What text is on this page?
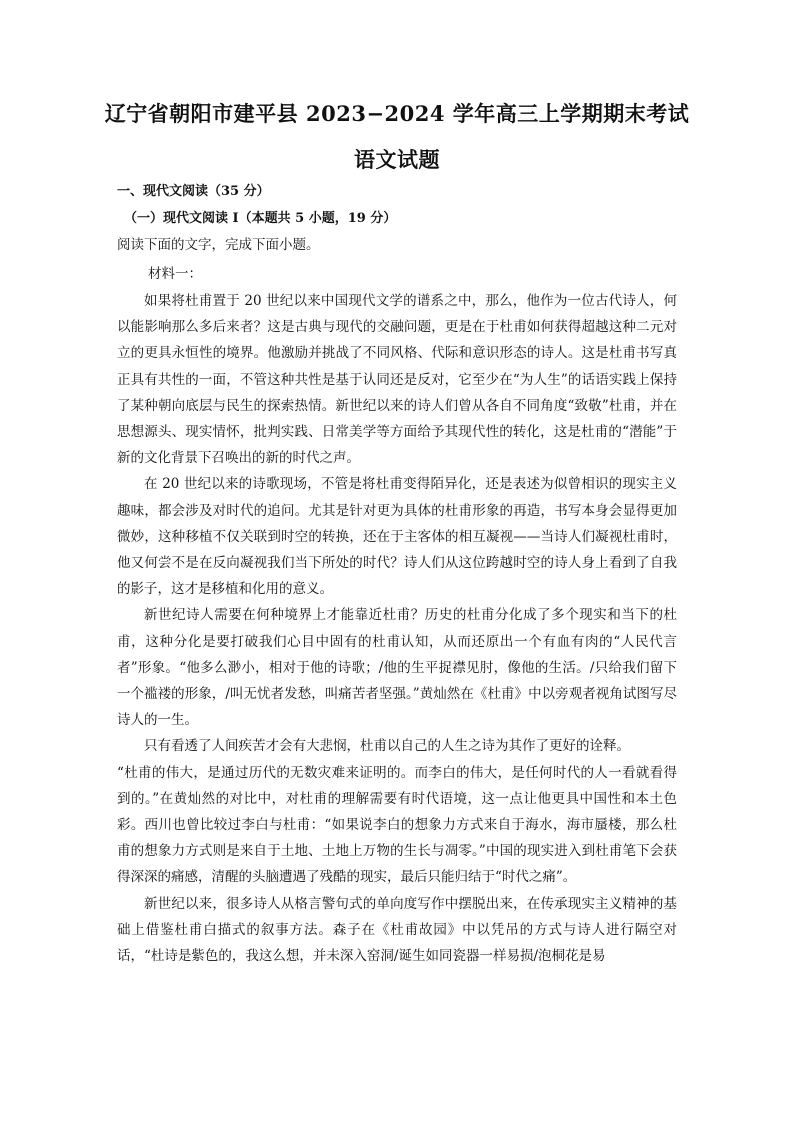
辽宁省朝阳市建平县 2023−2024 学年高三上学期期末考试
语文试题
一、现代文阅读（35 分）
（一）现代文阅读 I（本题共 5 小题，19 分）
阅读下面的文字，完成下面小题。
材料一：

如果将杜甫置于 20 世纪以来中国现代文学的谱系之中，那么，他作为一位古代诗人，何以能影响那么多后来者？这是古典与现代的交融问题，更是在于杜甫如何获得超越这种二元对立的更具永恒性的境界。他激励并挑战了不同风格、代际和意识形态的诗人。这是杜甫书写真正具有共性的一面，不管这种共性是基于认同还是反对，它至少在“为人生”的话语实践上保持了某种朝向底层与民生的探索热情。新世纪以来的诗人们曾从各自不同角度“致敬”杜甫，并在思想源头、现实情怀，批判实践、日常美学等方面给予其现代性的转化，这是杜甫的“潜能”于新的文化背景下召唤出的新的时代之声。

在 20 世纪以来的诗歌现场，不管是将杜甫变得陌异化，还是表述为似曾相识的现实主义趣味，都会涉及对时代的追问。尤其是针对更为具体的杜甫形象的再造，书写本身会显得更加微妙，这种移植不仅关联到时空的转换，还在于主客体的相互凝视——当诗人们凝视杜甫时，他又何尝不是在反向凝视我们当下所处的时代？诗人们从这位跨越时空的诗人身上看到了自我的影子，这才是移植和化用的意义。

新世纪诗人需要在何种境界上才能靠近杜甫？历史的杜甫分化成了多个现实和当下的杜甫，这种分化是要打破我们心目中固有的杜甫认知，从而还原出一个有血有肉的“人民代言者”形象。“他多么渺小，相对于他的诗歌；/他的生平捉襟见肘，像他的生活。/只给我们留下一个褴褛的形象，/叫无忧者发愁，叫痛苦者坚强。”黄灿然在《杜甫》中以旁观者视角试图写尽诗人的一生。

只有看透了人间疾苦才会有大悲悯，杜甫以自己的人生之诗为其作了更好的诠释。

“杜甫的伟大，是通过历代的无数灾难来证明的。而李白的伟大，是任何时代的人一看就看得到的。”在黄灿然的对比中，对杜甫的理解需要有时代语境，这一点让他更具中国性和本土色彩。西川也曾比较过李白与杜甫：“如果说李白的想象力方式来自于海水，海市蜃楼，那么杜甫的想象力方式则是来自于土地、土地上万物的生长与凋零。”中国的现实进入到杜甫笔下会获得深深的痛感，清醒的头脑遭遇了残酷的现实，最后只能归结于“时代之痛”。

新世纪以来，很多诗人从格言警句式的单向度写作中摆脱出来，在传承现实主义精神的基础上借鉴杜甫白描式的叙事方法。森子在《杜甫故园》中以凭吊的方式与诗人进行隔空对话，“杜诗是紫色的，我这么想，并未深入窑洞/诞生如同瓷器一样易损/泡桐花是易
